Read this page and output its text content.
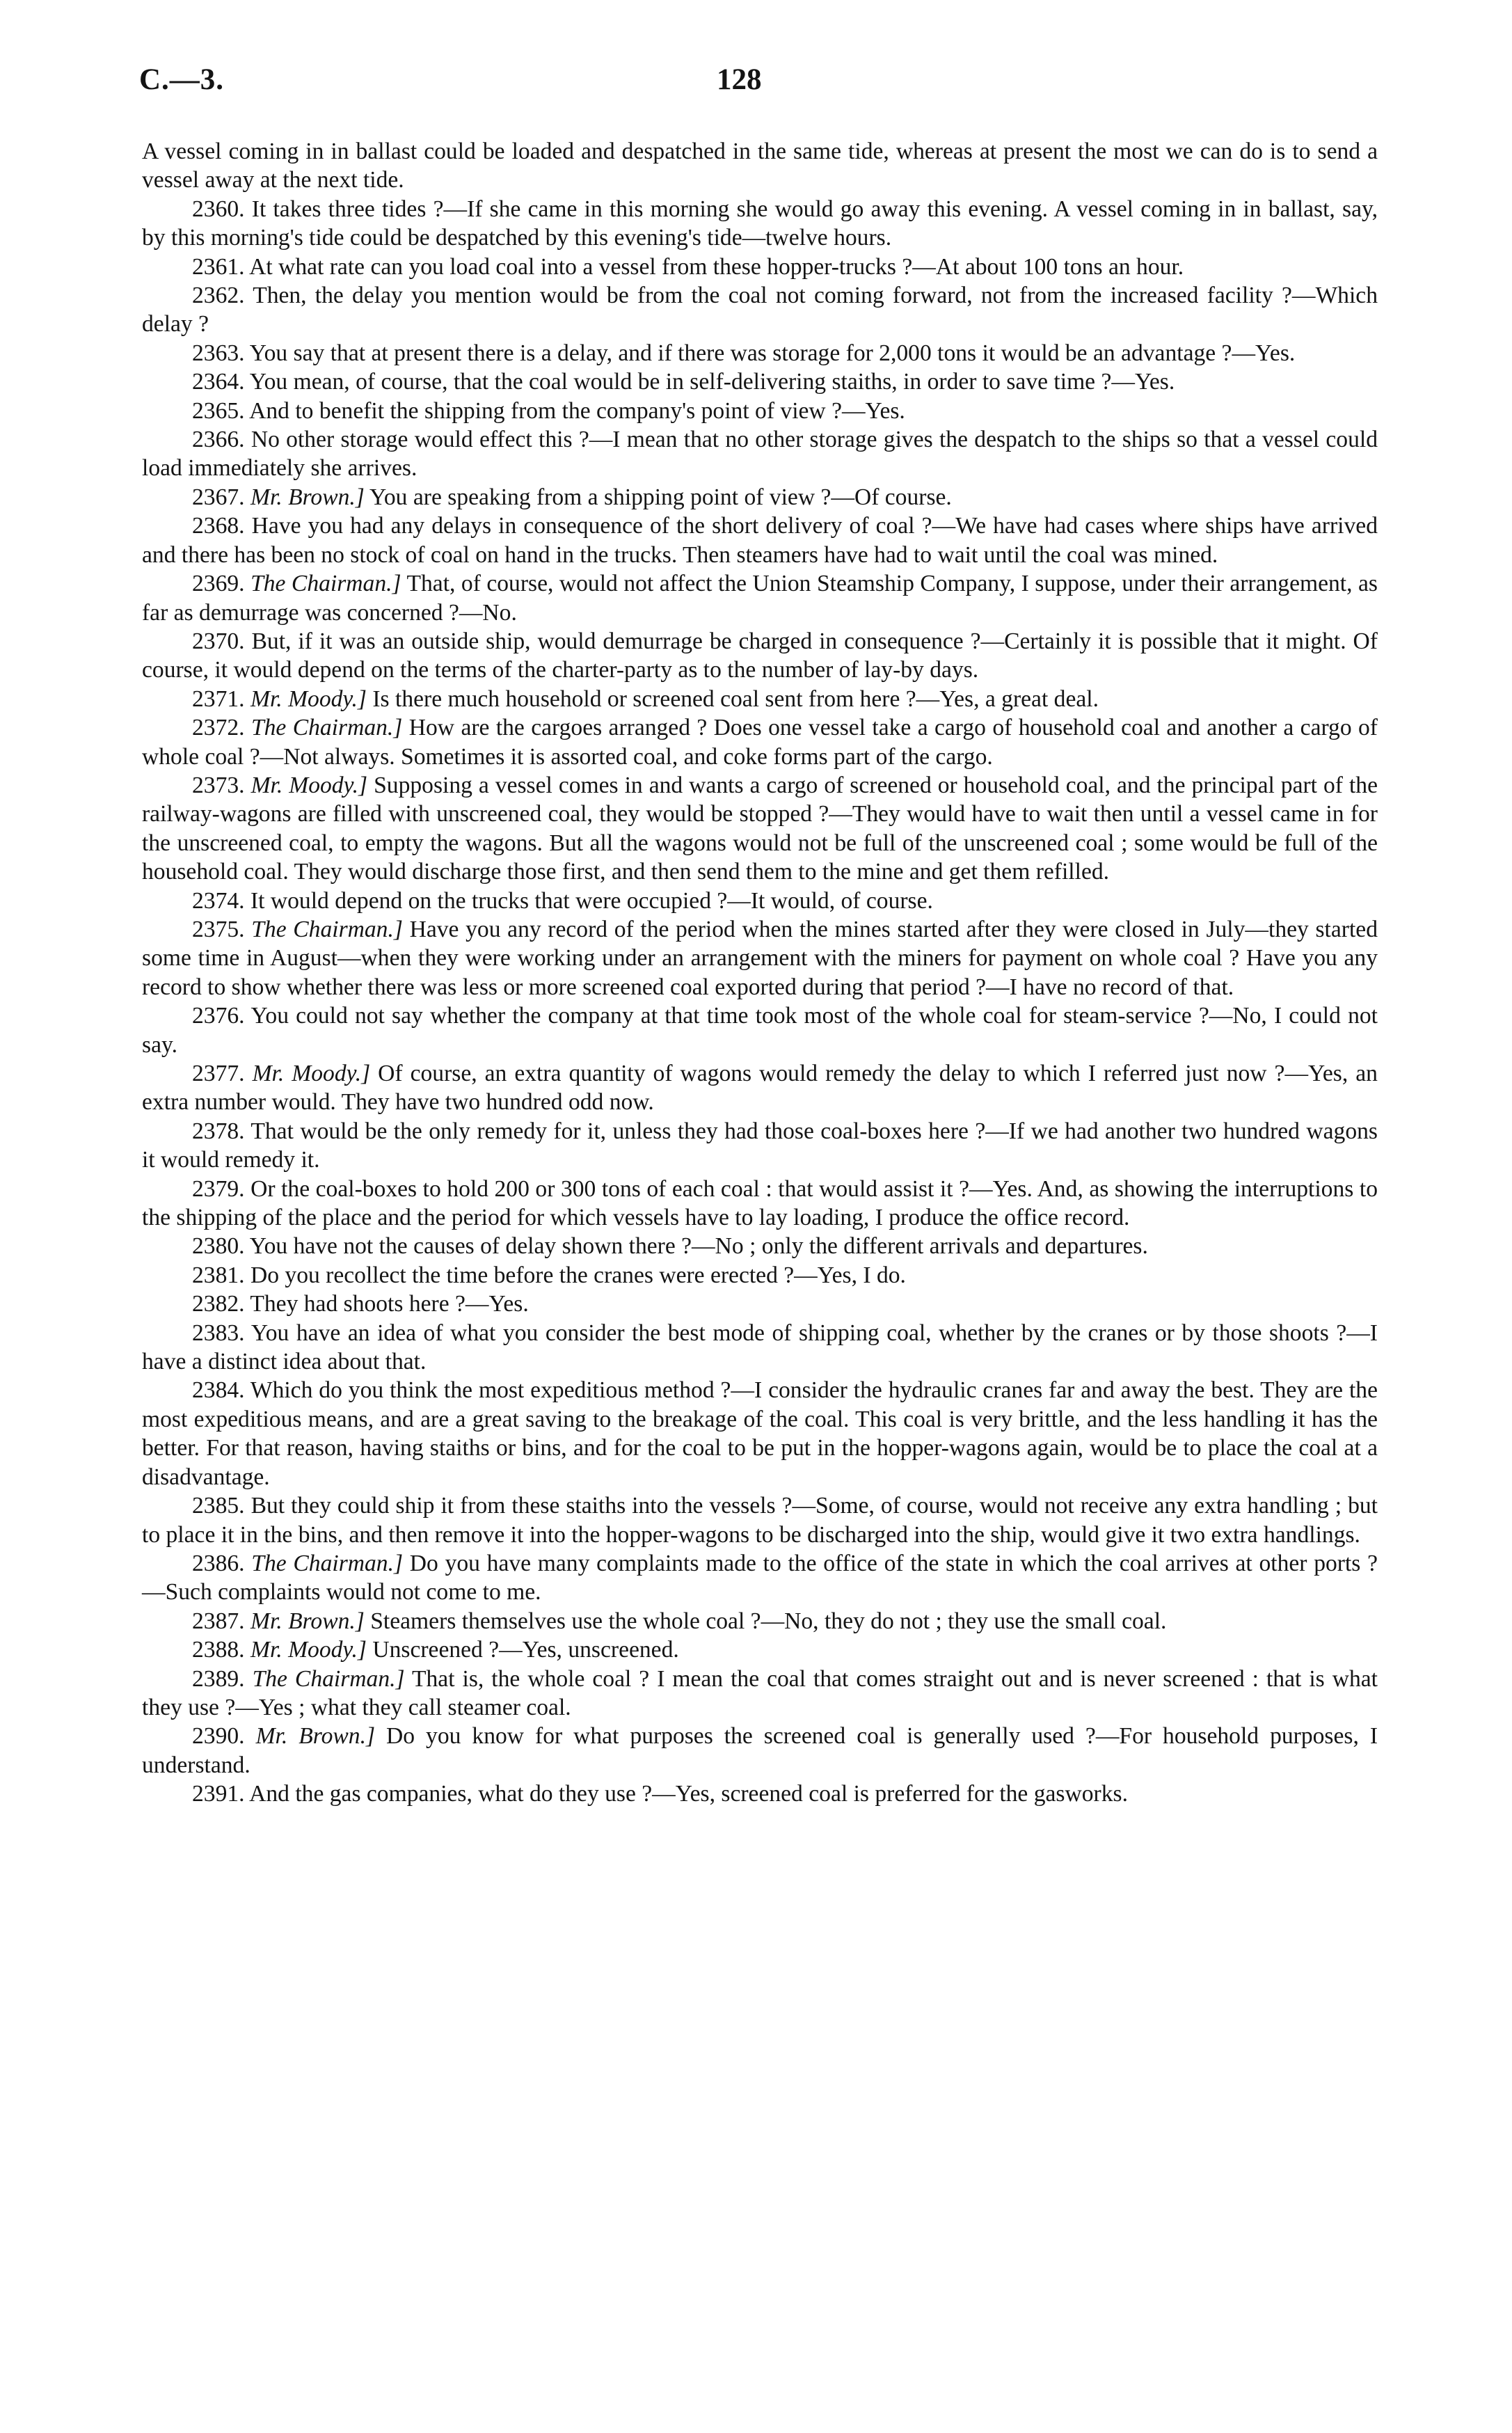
C.—3.	128

A vessel coming in in ballast could be loaded and despatched in the same tide, whereas at present the most we can do is to send a vessel away at the next tide.

2360. It takes three tides ?—If she came in this morning she would go away this evening. A vessel coming in in ballast, say, by this morning's tide could be despatched by this evening's tide—twelve hours.

2361. At what rate can you load coal into a vessel from these hopper-trucks ?—At about 100 tons an hour.

2362. Then, the delay you mention would be from the coal not coming forward, not from the increased facility ?—Which delay ?

2363. You say that at present there is a delay, and if there was storage for 2,000 tons it would be an advantage ?—Yes.

2364. You mean, of course, that the coal would be in self-delivering staiths, in order to save time ?—Yes.

2365. And to benefit the shipping from the company's point of view ?—Yes.

2366. No other storage would effect this ?—I mean that no other storage gives the despatch to the ships so that a vessel could load immediately she arrives.

2367. Mr. Brown.] You are speaking from a shipping point of view ?—Of course.

2368. Have you had any delays in consequence of the short delivery of coal ?—We have had cases where ships have arrived and there has been no stock of coal on hand in the trucks. Then steamers have had to wait until the coal was mined.

2369. The Chairman.] That, of course, would not affect the Union Steamship Company, I suppose, under their arrangement, as far as demurrage was concerned ?—No.

2370. But, if it was an outside ship, would demurrage be charged in consequence ?—Certainly it is possible that it might. Of course, it would depend on the terms of the charter-party as to the number of lay-by days.

2371. Mr. Moody.] Is there much household or screened coal sent from here ?—Yes, a great deal.

2372. The Chairman.] How are the cargoes arranged ? Does one vessel take a cargo of household coal and another a cargo of whole coal ?—Not always. Sometimes it is assorted coal, and coke forms part of the cargo.

2373. Mr. Moody.] Supposing a vessel comes in and wants a cargo of screened or household coal, and the principal part of the railway-wagons are filled with unscreened coal, they would be stopped ?—They would have to wait then until a vessel came in for the unscreened coal, to empty the wagons. But all the wagons would not be full of the unscreened coal ; some would be full of the household coal. They would discharge those first, and then send them to the mine and get them refilled.

2374. It would depend on the trucks that were occupied ?—It would, of course.

2375. The Chairman.] Have you any record of the period when the mines started after they were closed in July—they started some time in August—when they were working under an arrangement with the miners for payment on whole coal ? Have you any record to show whether there was less or more screened coal exported during that period ?—I have no record of that.

2376. You could not say whether the company at that time took most of the whole coal for steam-service ?—No, I could not say.

2377. Mr. Moody.] Of course, an extra quantity of wagons would remedy the delay to which I referred just now ?—Yes, an extra number would. They have two hundred odd now.

2378. That would be the only remedy for it, unless they had those coal-boxes here ?—If we had another two hundred wagons it would remedy it.

2379. Or the coal-boxes to hold 200 or 300 tons of each coal : that would assist it ?—Yes. And, as showing the interruptions to the shipping of the place and the period for which vessels have to lay loading, I produce the office record.

2380. You have not the causes of delay shown there ?—No ; only the different arrivals and departures.

2381. Do you recollect the time before the cranes were erected ?—Yes, I do.

2382. They had shoots here ?—Yes.

2383. You have an idea of what you consider the best mode of shipping coal, whether by the cranes or by those shoots ?—I have a distinct idea about that.

2384. Which do you think the most expeditious method ?—I consider the hydraulic cranes far and away the best. They are the most expeditious means, and are a great saving to the breakage of the coal. This coal is very brittle, and the less handling it has the better. For that reason, having staiths or bins, and for the coal to be put in the hopper-wagons again, would be to place the coal at a disadvantage.

2385. But they could ship it from these staiths into the vessels ?—Some, of course, would not receive any extra handling ; but to place it in the bins, and then remove it into the hopper-wagons to be discharged into the ship, would give it two extra handlings.

2386. The Chairman.] Do you have many complaints made to the office of the state in which the coal arrives at other ports ?—Such complaints would not come to me.

2387. Mr. Brown.] Steamers themselves use the whole coal ?—No, they do not ; they use the small coal.

2388. Mr. Moody.] Unscreened ?—Yes, unscreened.

2389. The Chairman.] That is, the whole coal ? I mean the coal that comes straight out and is never screened : that is what they use ?—Yes ; what they call steamer coal.

2390. Mr. Brown.] Do you know for what purposes the screened coal is generally used ?—For household purposes, I understand.

2391. And the gas companies, what do they use ?—Yes, screened coal is preferred for the gasworks.
